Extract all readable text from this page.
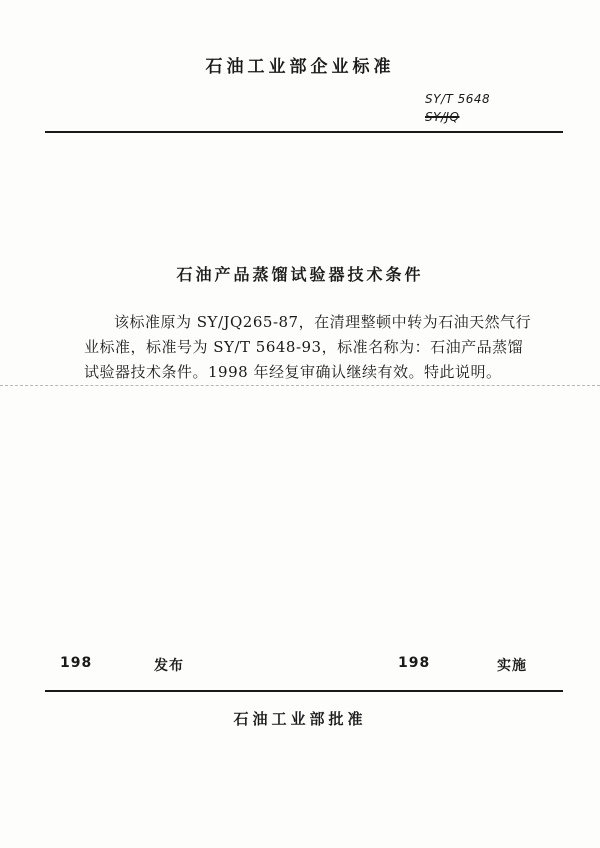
石油工业部企业标准
SY/T 5648
SY/JQ
石油产品蒸馏试验器技术条件

该标准原为 SY/JQ265-87，在清理整顿中转为石油天然气行

业标准，标准号为 SY/T 5648-93，标准名称为：石油产品蒸馏

试验器技术条件。1998 年经复审确认继续有效。特此说明。

198	发布	198	实施
石油工业部批准
